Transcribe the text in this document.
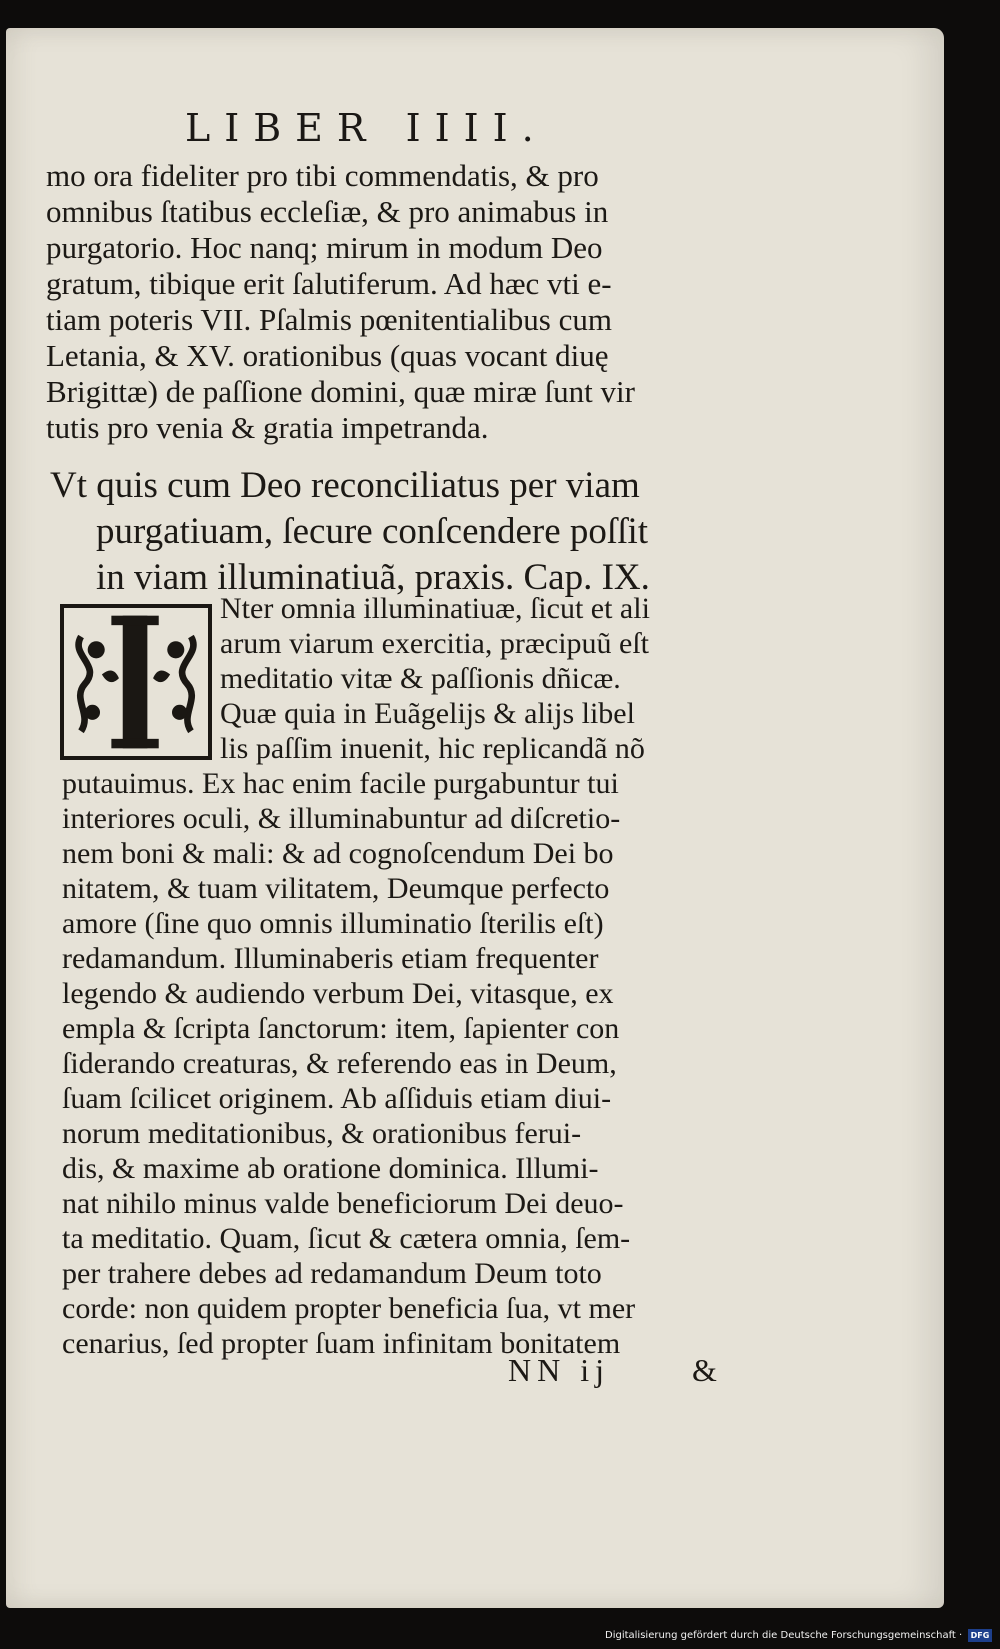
LIBER IIII.

mo ora fideliter pro tibi commendatis, & pro

omnibus ſtatibus eccleſiæ, & pro animabus in

purgatorio. Hoc nanq; mirum in modum Deo

gratum, tibique erit ſalutiferum. Ad hæc vti e-

tiam poteris VII. Pſalmis pœnitentialibus cum

Letania, & XV. orationibus (quas vocant diuę

Brigittæ) de paſſione domini, quæ miræ ſunt vir

tutis pro venia & gratia impetranda.

Vt quis cum Deo reconciliatus per viam

purgatiuam, ſecure conſcendere poſſit

in viam illuminatiuã, praxis. Cap. IX.

Nter omnia illuminatiuæ, ſicut et ali

arum viarum exercitia, præcipuũ eſt

meditatio vitæ & paſſionis dñicæ.

Quæ quia in Euãgelijs & alijs libel

lis paſſim inuenit, hic replicandã nõ

putauimus. Ex hac enim facile purgabuntur tui

interiores oculi, & illuminabuntur ad diſcretio-

nem boni & mali: & ad cognoſcendum Dei bo

nitatem, & tuam vilitatem, Deumque perfecto

amore (ſine quo omnis illuminatio ſterilis eſt)

redamandum. Illuminaberis etiam frequenter

legendo & audiendo verbum Dei, vitasque, ex

empla & ſcripta ſanctorum: item, ſapienter con

ſiderando creaturas, & referendo eas in Deum,

ſuam ſcilicet originem. Ab aſſiduis etiam diui-

norum meditationibus, & orationibus ferui-

dis, & maxime ab oratione dominica. Illumi-

nat nihilo minus valde beneficiorum Dei deuo-

ta meditatio. Quam, ſicut & cætera omnia, ſem-

per trahere debes ad redamandum Deum toto

corde: non quidem propter beneficia ſua, vt mer

cenarius, ſed propter ſuam infinitam bonitatem

NN ij	&
Digitalisierung gefördert durch die Deutsche Forschungsgemeinschaft ·	DFG
